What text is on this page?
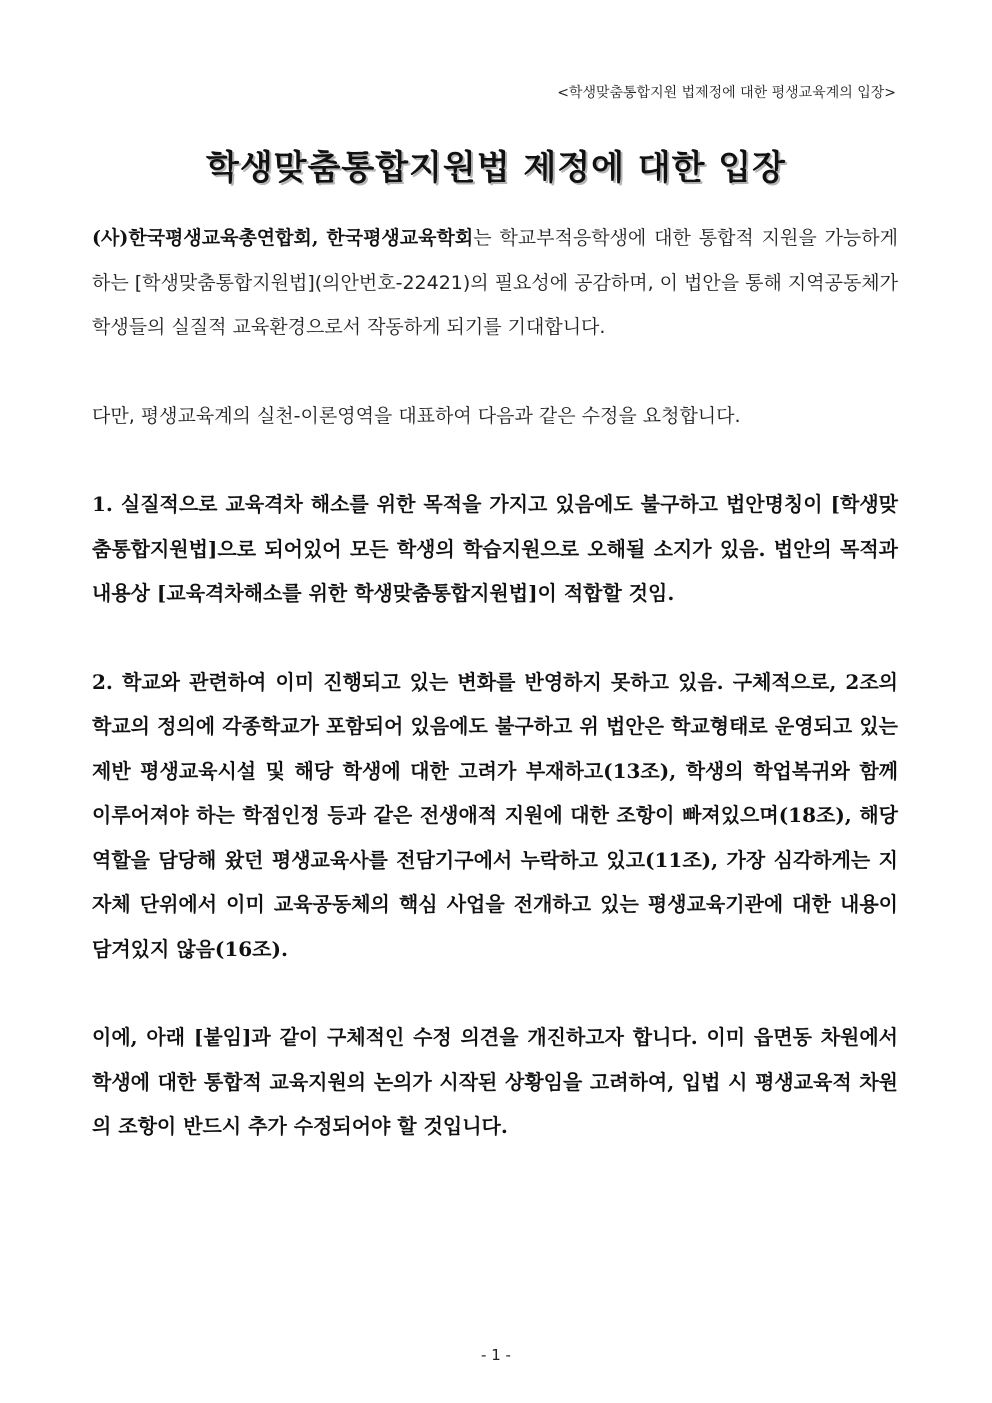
<학생맞춤통합지원 법제정에 대한 평생교육계의 입장>
학생맞춤통합지원법 제정에 대한 입장

(사)한국평생교육총연합회, 한국평생교육학회는 학교부적응학생에 대한 통합적 지원을 가능하게 하는 [학생맞춤통합지원법](의안번호-22421)의 필요성에 공감하며, 이 법안을 통해 지역공동체가 학생들의 실질적 교육환경으로서 작동하게 되기를 기대합니다.

다만, 평생교육계의 실천-이론영역을 대표하여 다음과 같은 수정을 요청합니다.

1. 실질적으로 교육격차 해소를 위한 목적을 가지고 있음에도 불구하고 법안명칭이 [학생맞춤통합지원법]으로 되어있어 모든 학생의 학습지원으로 오해될 소지가 있음. 법안의 목적과 내용상 [교육격차해소를 위한 학생맞춤통합지원법]이 적합할 것임.

2. 학교와 관련하여 이미 진행되고 있는 변화를 반영하지 못하고 있음. 구체적으로, 2조의 학교의 정의에 각종학교가 포함되어 있음에도 불구하고 위 법안은 학교형태로 운영되고 있는 제반 평생교육시설 및 해당 학생에 대한 고려가 부재하고(13조), 학생의 학업복귀와 함께 이루어져야 하는 학점인정 등과 같은 전생애적 지원에 대한 조항이 빠져있으며(18조), 해당 역할을 담당해 왔던 평생교육사를 전담기구에서 누락하고 있고(11조), 가장 심각하게는 지자체 단위에서 이미 교육공동체의 핵심 사업을 전개하고 있는 평생교육기관에 대한 내용이 담겨있지 않음(16조).

이에, 아래 [붙임]과 같이 구체적인 수정 의견을 개진하고자 합니다. 이미 읍면동 차원에서 학생에 대한 통합적 교육지원의 논의가 시작된 상황임을 고려하여, 입법 시 평생교육적 차원의 조항이 반드시 추가 수정되어야 할 것입니다.

- 1 -
